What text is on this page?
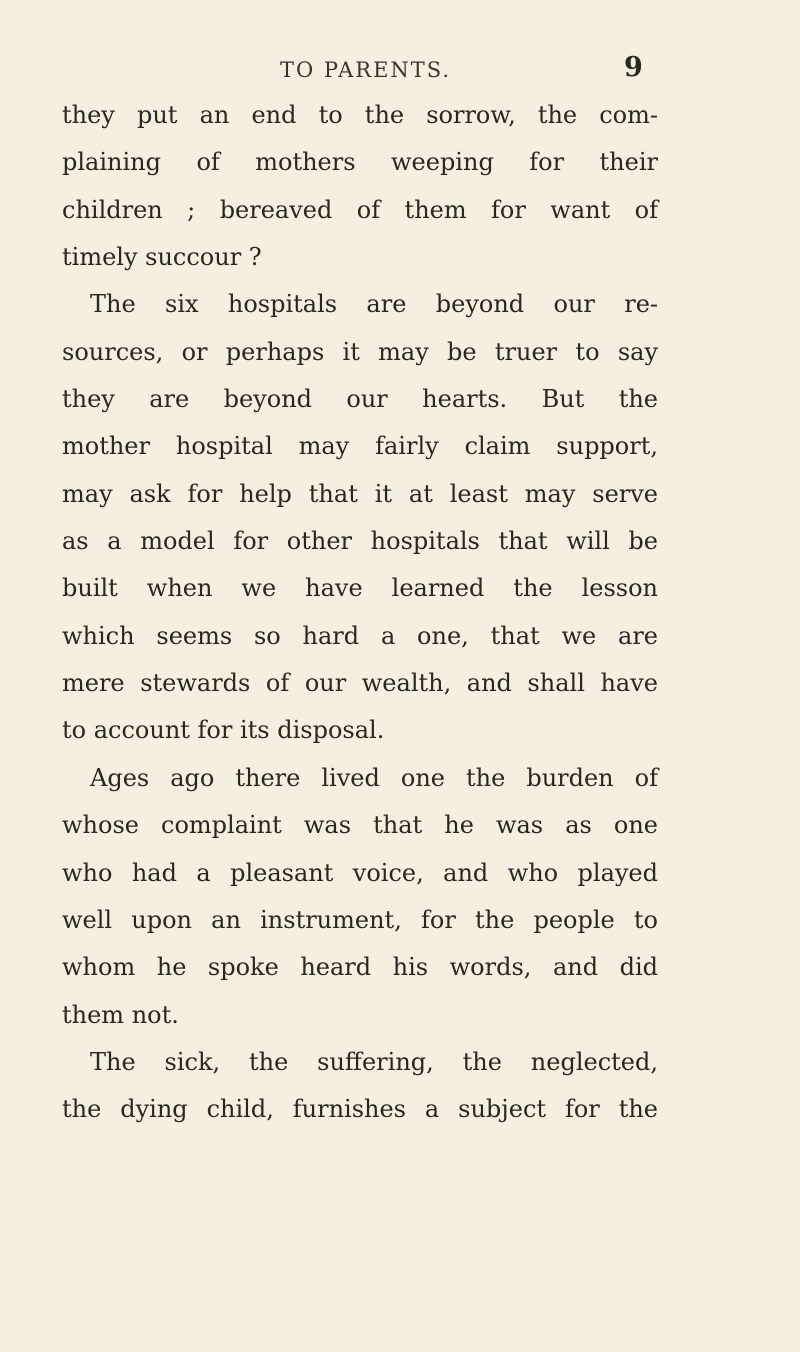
TO PARENTS.	9
they put an end to the sorrow, the com-
plaining of mothers weeping for their
children ; bereaved of them for want of
timely succour ?
The six hospitals are beyond our re-
sources, or perhaps it may be truer to say
they are beyond our hearts. But the
mother hospital may fairly claim support,
may ask for help that it at least may serve
as a model for other hospitals that will be
built when we have learned the lesson
which seems so hard a one, that we are
mere stewards of our wealth, and shall have
to account for its disposal.
Ages ago there lived one the burden of
whose complaint was that he was as one
who had a pleasant voice, and who played
well upon an instrument, for the people to
whom he spoke heard his words, and did
them not.
The sick, the suffering, the neglected,
the dying child, furnishes a subject for the
